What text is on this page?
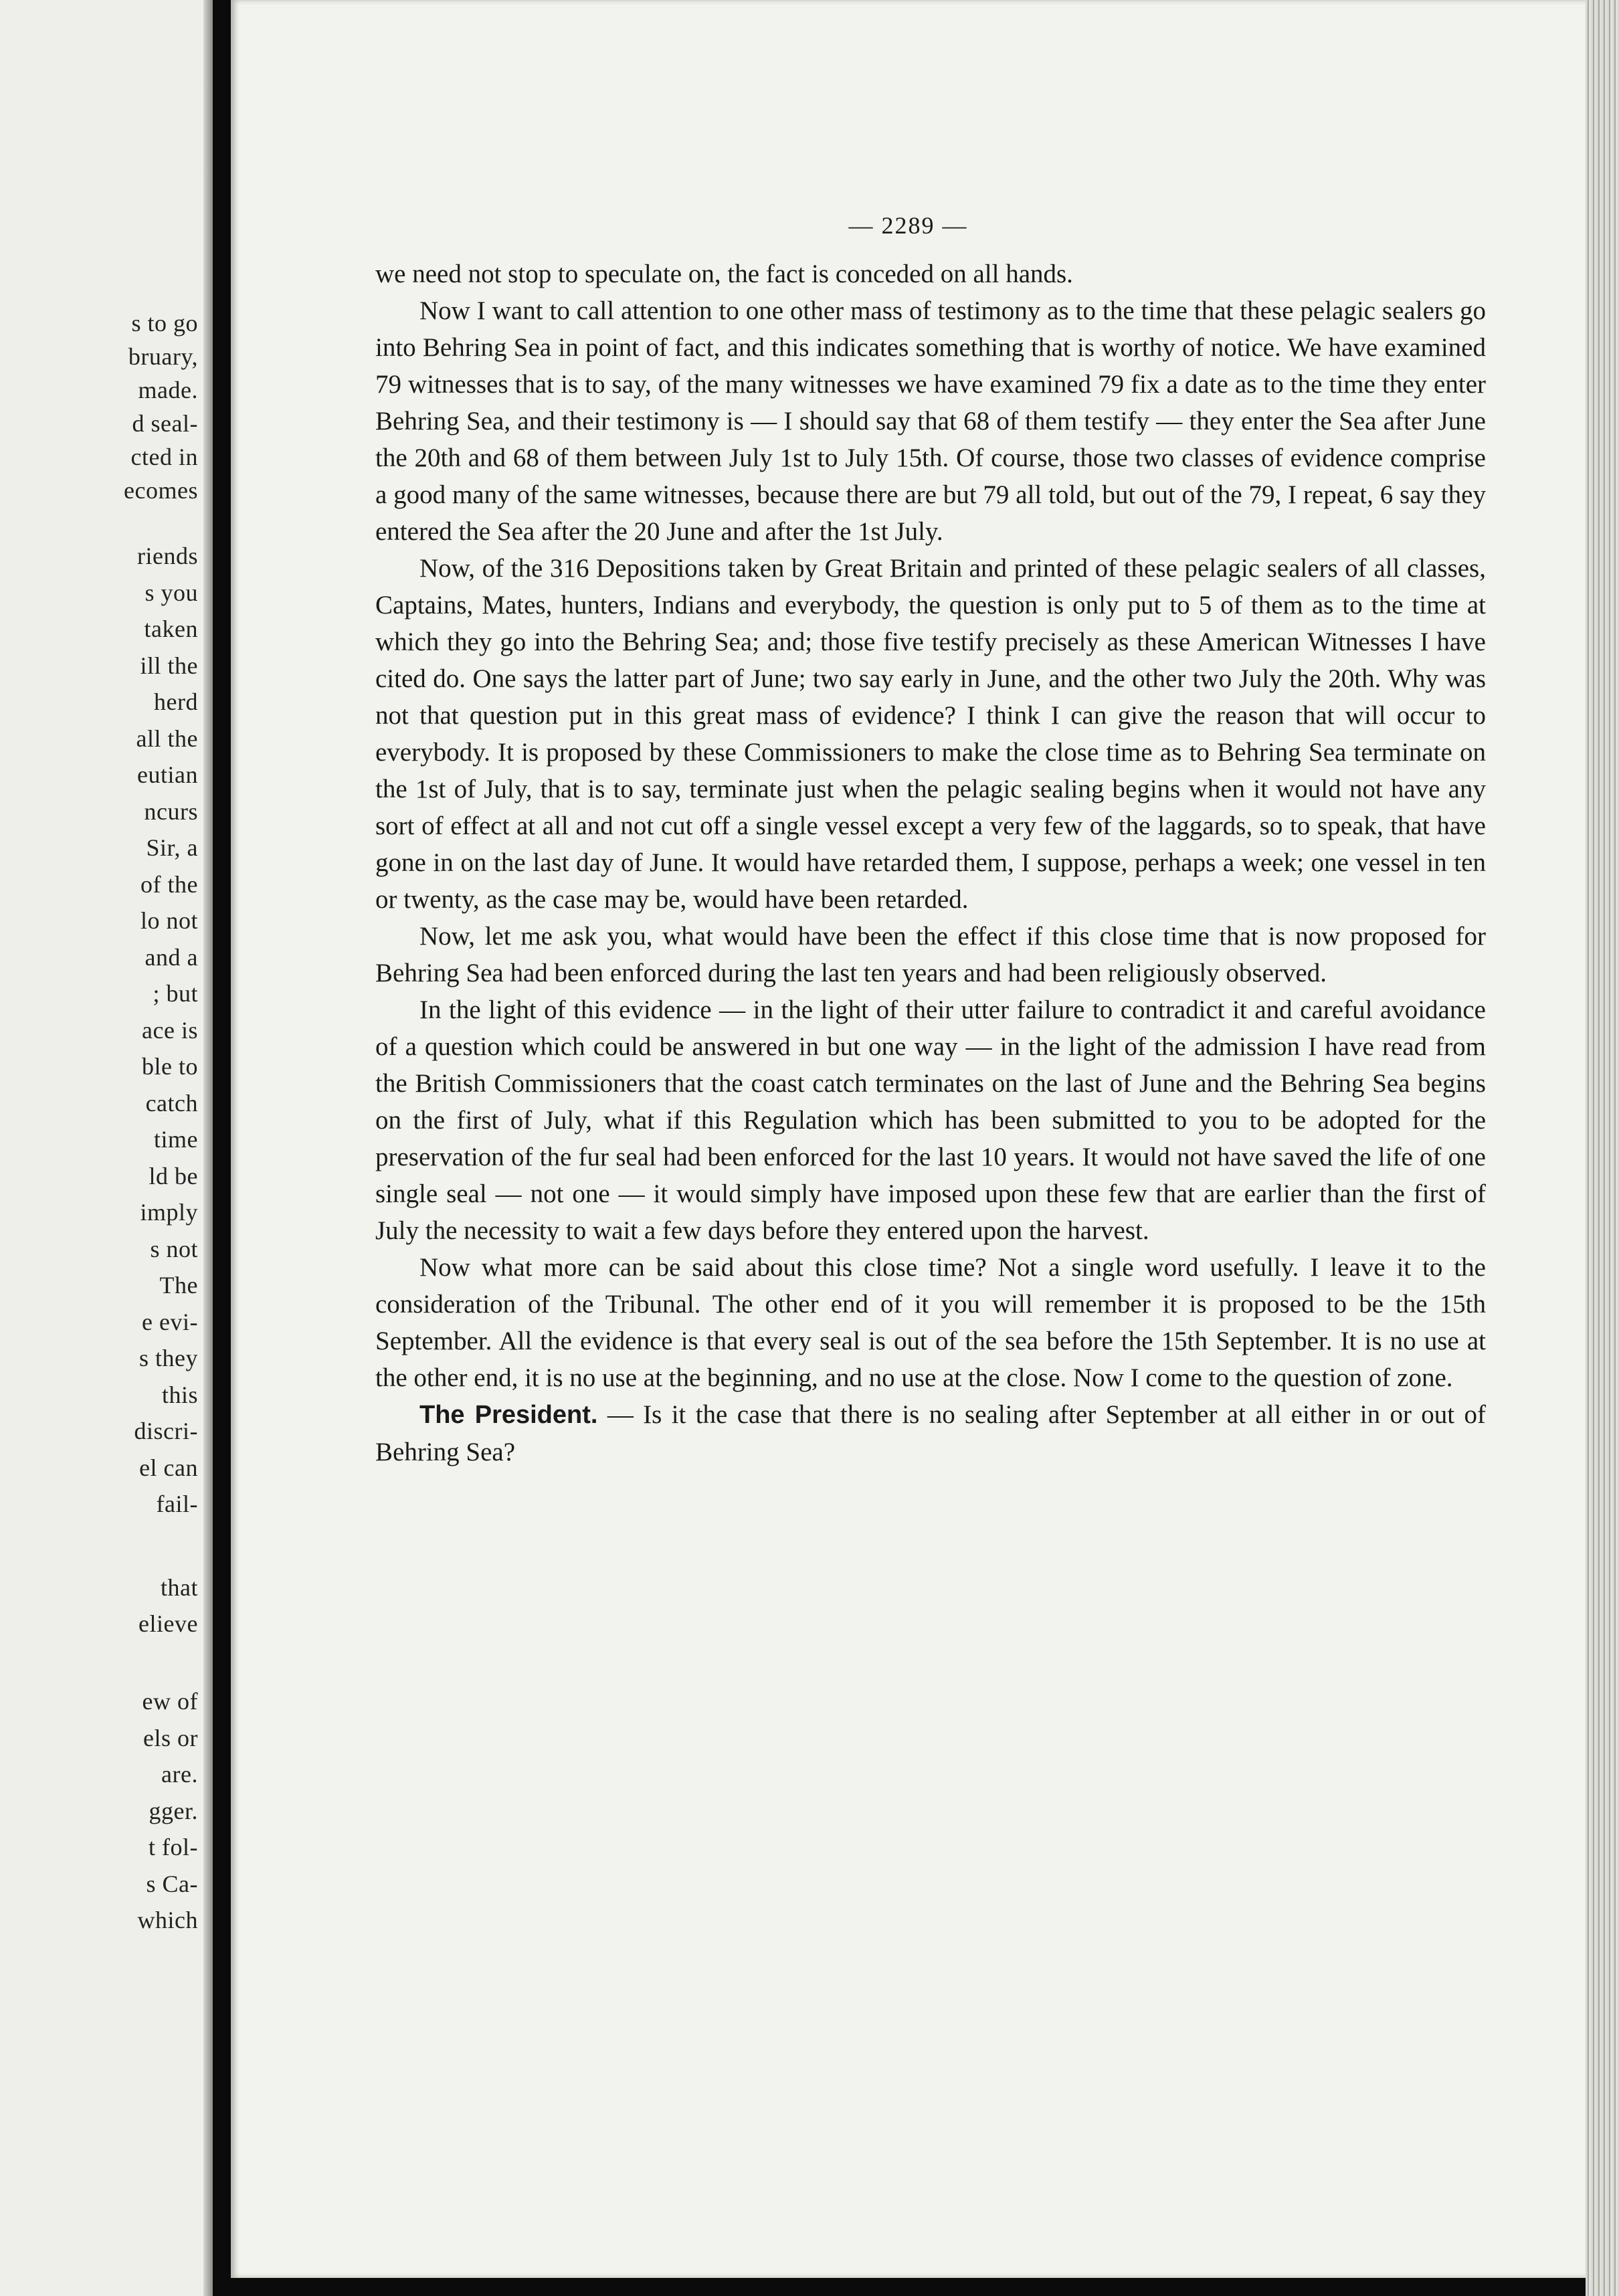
s to go
bruary,
made.
d seal-
cted in
ecomes
riends
s you
taken
ill the
herd
all the
eutian
ncurs
Sir, a
of the
lo not
and a
; but
ace is
ble to
catch
time
ld be
imply
s not
The
e evi-
s they
this
discri-
el can
fail-
that
elieve
ew of
els or
are.
gger.
t fol-
s Ca-
which
— 2289 —

we need not stop to speculate on, the fact is conceded on all hands.

Now I want to call attention to one other mass of testimony as to the time that these pelagic sealers go into Behring Sea in point of fact, and this indicates something that is worthy of notice. We have examined 79 witnesses that is to say, of the many witnesses we have examined 79 fix a date as to the time they enter Behring Sea, and their testimony is — I should say that 68 of them testify — they enter the Sea after June the 20th and 68 of them between July 1st to July 15th. Of course, those two classes of evidence comprise a good many of the same witnesses, because there are but 79 all told, but out of the 79, I repeat, 6 say they entered the Sea after the 20 June and after the 1st July.

Now, of the 316 Depositions taken by Great Britain and printed of these pelagic sealers of all classes, Captains, Mates, hunters, Indians and everybody, the question is only put to 5 of them as to the time at which they go into the Behring Sea; and; those five testify precisely as these American Witnesses I have cited do. One says the latter part of June; two say early in June, and the other two July the 20th. Why was not that question put in this great mass of evidence? I think I can give the reason that will occur to everybody. It is proposed by these Commissioners to make the close time as to Behring Sea terminate on the 1st of July, that is to say, terminate just when the pelagic sealing begins when it would not have any sort of effect at all and not cut off a single vessel except a very few of the laggards, so to speak, that have gone in on the last day of June. It would have retarded them, I suppose, perhaps a week; one vessel in ten or twenty, as the case may be, would have been retarded.

Now, let me ask you, what would have been the effect if this close time that is now proposed for Behring Sea had been enforced during the last ten years and had been religiously observed.

In the light of this evidence — in the light of their utter failure to contradict it and careful avoidance of a question which could be answered in but one way — in the light of the admission I have read from the British Commissioners that the coast catch terminates on the last of June and the Behring Sea begins on the first of July, what if this Regulation which has been submitted to you to be adopted for the preservation of the fur seal had been enforced for the last 10 years. It would not have saved the life of one single seal — not one — it would simply have imposed upon these few that are earlier than the first of July the necessity to wait a few days before they entered upon the harvest.

Now what more can be said about this close time? Not a single word usefully. I leave it to the consideration of the Tribunal. The other end of it you will remember it is proposed to be the 15th September. All the evidence is that every seal is out of the sea before the 15th September. It is no use at the other end, it is no use at the beginning, and no use at the close. Now I come to the question of zone.

The President. — Is it the case that there is no sealing after September at all either in or out of Behring Sea?
